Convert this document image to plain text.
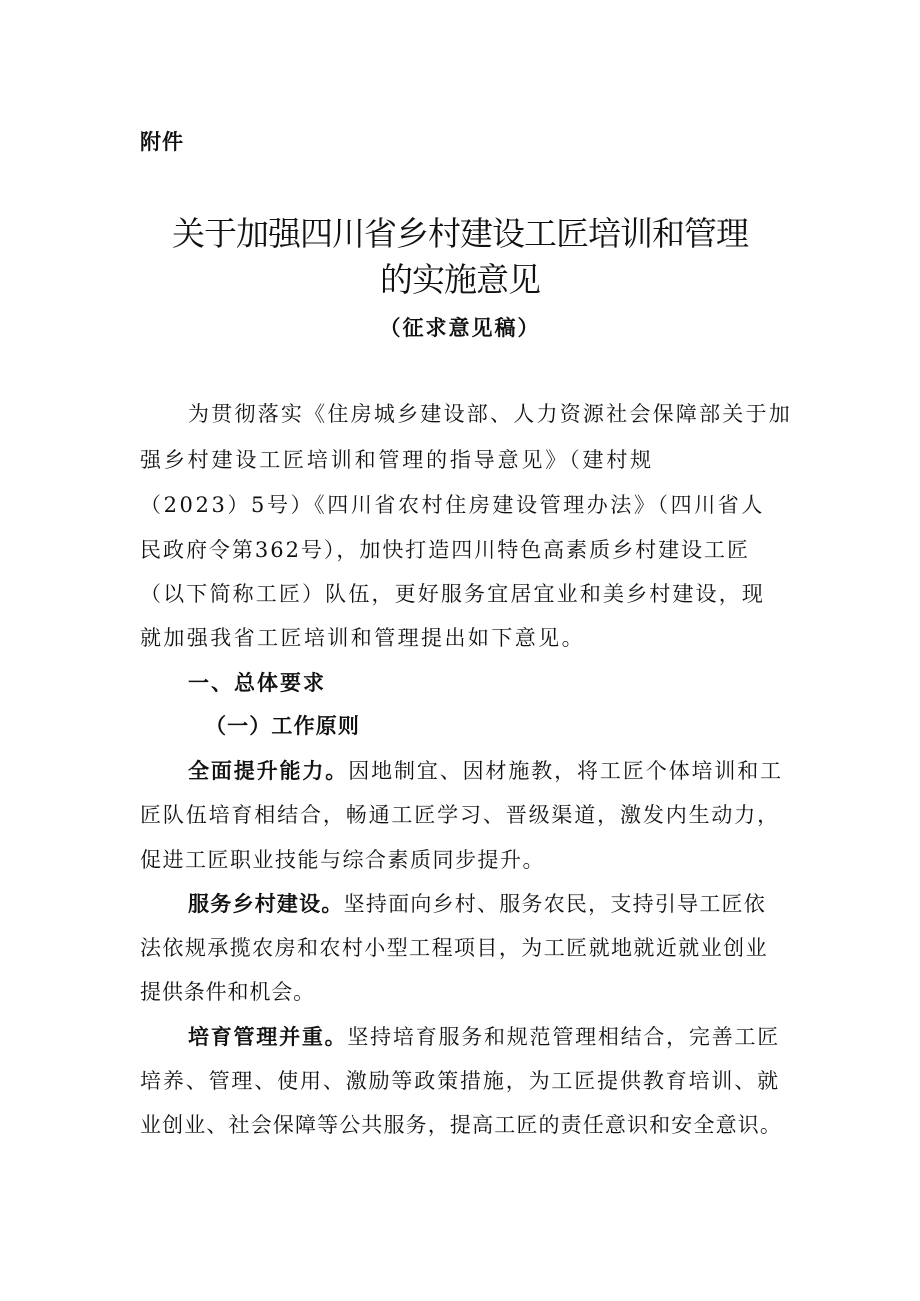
附件
关于加强四川省乡村建设工匠培训和管理
的实施意见
（征求意见稿）
为贯彻落实《住房城乡建设部、人力资源社会保障部关于加
强乡村建设工匠培训和管理的指导意见》（建村规
（2023）5号）《四川省农村住房建设管理办法》（四川省人
民政府令第362号），加快打造四川特色高素质乡村建设工匠
（以下简称工匠）队伍，更好服务宜居宜业和美乡村建设，现
就加强我省工匠培训和管理提出如下意见。
一、总体要求
（一）工作原则
全面提升能力。因地制宜、因材施教，将工匠个体培训和工
匠队伍培育相结合，畅通工匠学习、晋级渠道，激发内生动力，
促进工匠职业技能与综合素质同步提升。
服务乡村建设。坚持面向乡村、服务农民，支持引导工匠依
法依规承揽农房和农村小型工程项目，为工匠就地就近就业创业
提供条件和机会。
培育管理并重。坚持培育服务和规范管理相结合，完善工匠
培养、管理、使用、激励等政策措施，为工匠提供教育培训、就
业创业、社会保障等公共服务，提高工匠的责任意识和安全意识。
